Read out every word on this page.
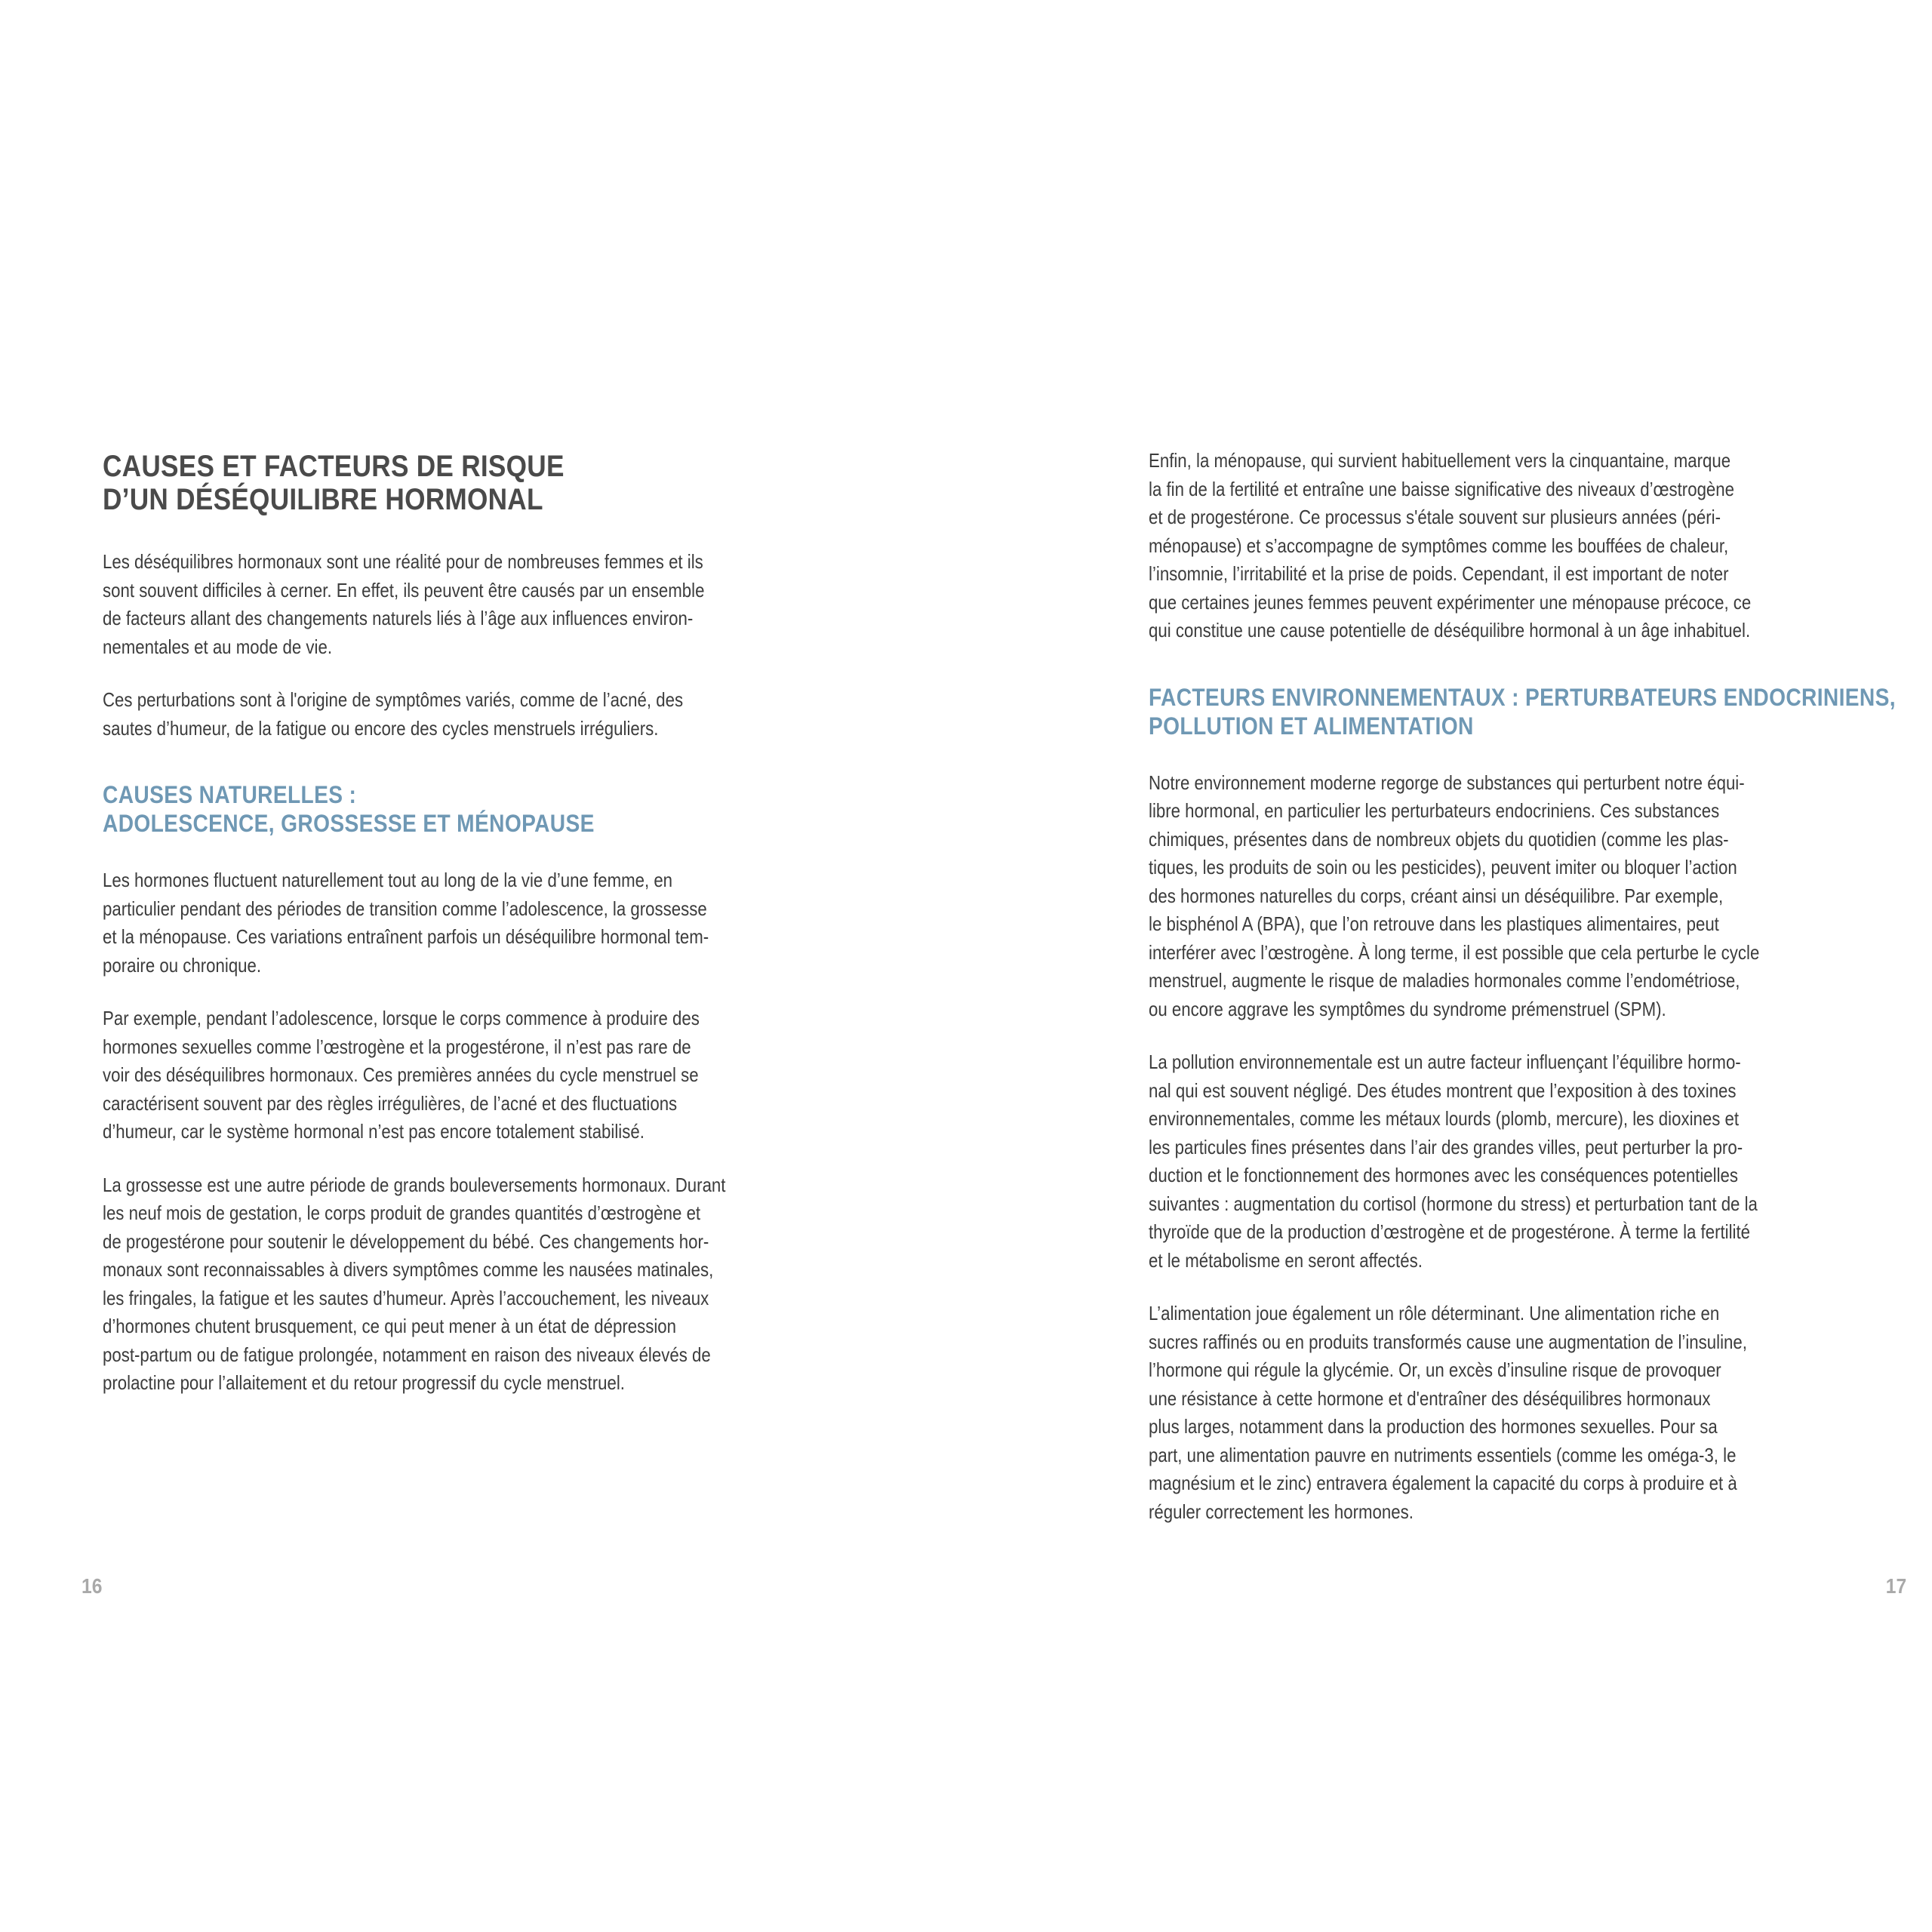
CAUSES ET FACTEURS DE RISQUE
D’UN DÉSÉQUILIBRE HORMONAL

Les déséquilibres hormonaux sont une réalité pour de nombreuses femmes et ils
sont souvent difficiles à cerner. En effet, ils peuvent être causés par un ensemble
de facteurs allant des changements naturels liés à l’âge aux influences environ-
nementales et au mode de vie.

Ces perturbations sont à l'origine de symptômes variés, comme de l’acné, des
sautes d’humeur, de la fatigue ou encore des cycles menstruels irréguliers.

CAUSES NATURELLES :
ADOLESCENCE, GROSSESSE ET MÉNOPAUSE

Les hormones fluctuent naturellement tout au long de la vie d’une femme, en
particulier pendant des périodes de transition comme l’adolescence, la grossesse
et la ménopause. Ces variations entraînent parfois un déséquilibre hormonal tem-
poraire ou chronique.

Par exemple, pendant l’adolescence, lorsque le corps commence à produire des
hormones sexuelles comme l’œstrogène et la progestérone, il n’est pas rare de
voir des déséquilibres hormonaux. Ces premières années du cycle menstruel se
caractérisent souvent par des règles irrégulières, de l’acné et des fluctuations
d’humeur, car le système hormonal n’est pas encore totalement stabilisé.

La grossesse est une autre période de grands bouleversements hormonaux. Durant
les neuf mois de gestation, le corps produit de grandes quantités d’œstrogène et
de progestérone pour soutenir le développement du bébé. Ces changements hor-
monaux sont reconnaissables à divers symptômes comme les nausées matinales,
les fringales, la fatigue et les sautes d’humeur. Après l’accouchement, les niveaux
d’hormones chutent brusquement, ce qui peut mener à un état de dépression
post-partum ou de fatigue prolongée, notamment en raison des niveaux élevés de
prolactine pour l’allaitement et du retour progressif du cycle menstruel.

16

Enfin, la ménopause, qui survient habituellement vers la cinquantaine, marque
la fin de la fertilité et entraîne une baisse significative des niveaux d’œstrogène
et de progestérone. Ce processus s'étale souvent sur plusieurs années (péri-
ménopause) et s’accompagne de symptômes comme les bouffées de chaleur,
l’insomnie, l’irritabilité et la prise de poids. Cependant, il est important de noter
que certaines jeunes femmes peuvent expérimenter une ménopause précoce, ce
qui constitue une cause potentielle de déséquilibre hormonal à un âge inhabituel.

FACTEURS ENVIRONNEMENTAUX : PERTURBATEURS ENDOCRINIENS,
POLLUTION ET ALIMENTATION

Notre environnement moderne regorge de substances qui perturbent notre équi-
libre hormonal, en particulier les perturbateurs endocriniens. Ces substances
chimiques, présentes dans de nombreux objets du quotidien (comme les plas-
tiques, les produits de soin ou les pesticides), peuvent imiter ou bloquer l’action
des hormones naturelles du corps, créant ainsi un déséquilibre. Par exemple,
le bisphénol A (BPA), que l’on retrouve dans les plastiques alimentaires, peut
interférer avec l’œstrogène. À long terme, il est possible que cela perturbe le cycle
menstruel, augmente le risque de maladies hormonales comme l’endométriose,
ou encore aggrave les symptômes du syndrome prémenstruel (SPM).

La pollution environnementale est un autre facteur influençant l’équilibre hormo-
nal qui est souvent négligé. Des études montrent que l’exposition à des toxines
environnementales, comme les métaux lourds (plomb, mercure), les dioxines et
les particules fines présentes dans l’air des grandes villes, peut perturber la pro-
duction et le fonctionnement des hormones avec les conséquences potentielles
suivantes : augmentation du cortisol (hormone du stress) et perturbation tant de la
thyroïde que de la production d’œstrogène et de progestérone. À terme la fertilité
et le métabolisme en seront affectés.

L’alimentation joue également un rôle déterminant. Une alimentation riche en
sucres raffinés ou en produits transformés cause une augmentation de l’insuline,
l’hormone qui régule la glycémie. Or, un excès d’insuline risque de provoquer
une résistance à cette hormone et d'entraîner des déséquilibres hormonaux
plus larges, notamment dans la production des hormones sexuelles. Pour sa
part, une alimentation pauvre en nutriments essentiels (comme les oméga-3, le
magnésium et le zinc) entravera également la capacité du corps à produire et à
réguler correctement les hormones.

17
